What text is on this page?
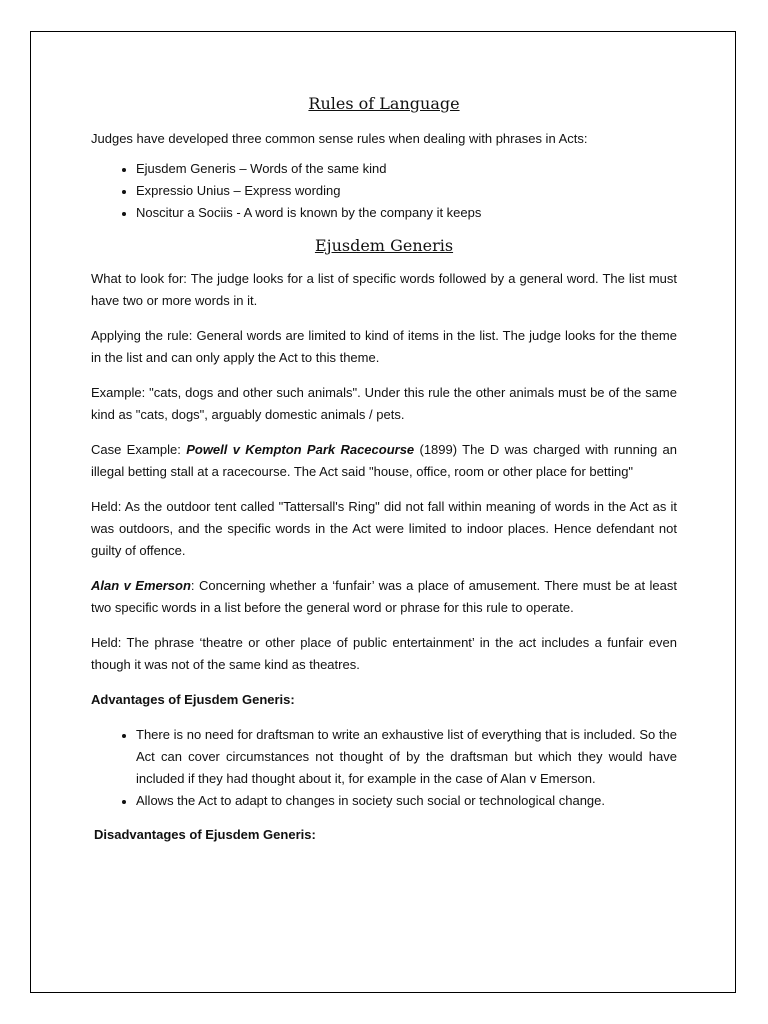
Rules of Language

Judges have developed three common sense rules when dealing with phrases in Acts:

• Ejusdem Generis – Words of the same kind
• Expressio Unius – Express wording
• Noscitur a Sociis - A word is known by the company it keeps
Ejusdem Generis

What to look for: The judge looks for a list of specific words followed by a general word. The list must have two or more words in it.

Applying the rule: General words are limited to kind of items in the list. The judge looks for the theme in the list and can only apply the Act to this theme.

Example: "cats, dogs and other such animals". Under this rule the other animals must be of the same kind as "cats, dogs", arguably domestic animals / pets.

Case Example: Powell v Kempton Park Racecourse (1899) The D was charged with running an illegal betting stall at a racecourse. The Act said "house, office, room or other place for betting"

Held: As the outdoor tent called "Tattersall's Ring" did not fall within meaning of words in the Act as it was outdoors, and the specific words in the Act were limited to indoor places. Hence defendant not guilty of offence.

Alan v Emerson: Concerning whether a ‘funfair’ was a place of amusement. There must be at least two specific words in a list before the general word or phrase for this rule to operate.

Held: The phrase ‘theatre or other place of public entertainment’ in the act includes a funfair even though it was not of the same kind as theatres.

Advantages of Ejusdem Generis:

• There is no need for draftsman to write an exhaustive list of everything that is included. So the Act can cover circumstances not thought of by the draftsman but which they would have included if they had thought about it, for example in the case of Alan v Emerson.
• Allows the Act to adapt to changes in society such social or technological change.

Disadvantages of Ejusdem Generis:
